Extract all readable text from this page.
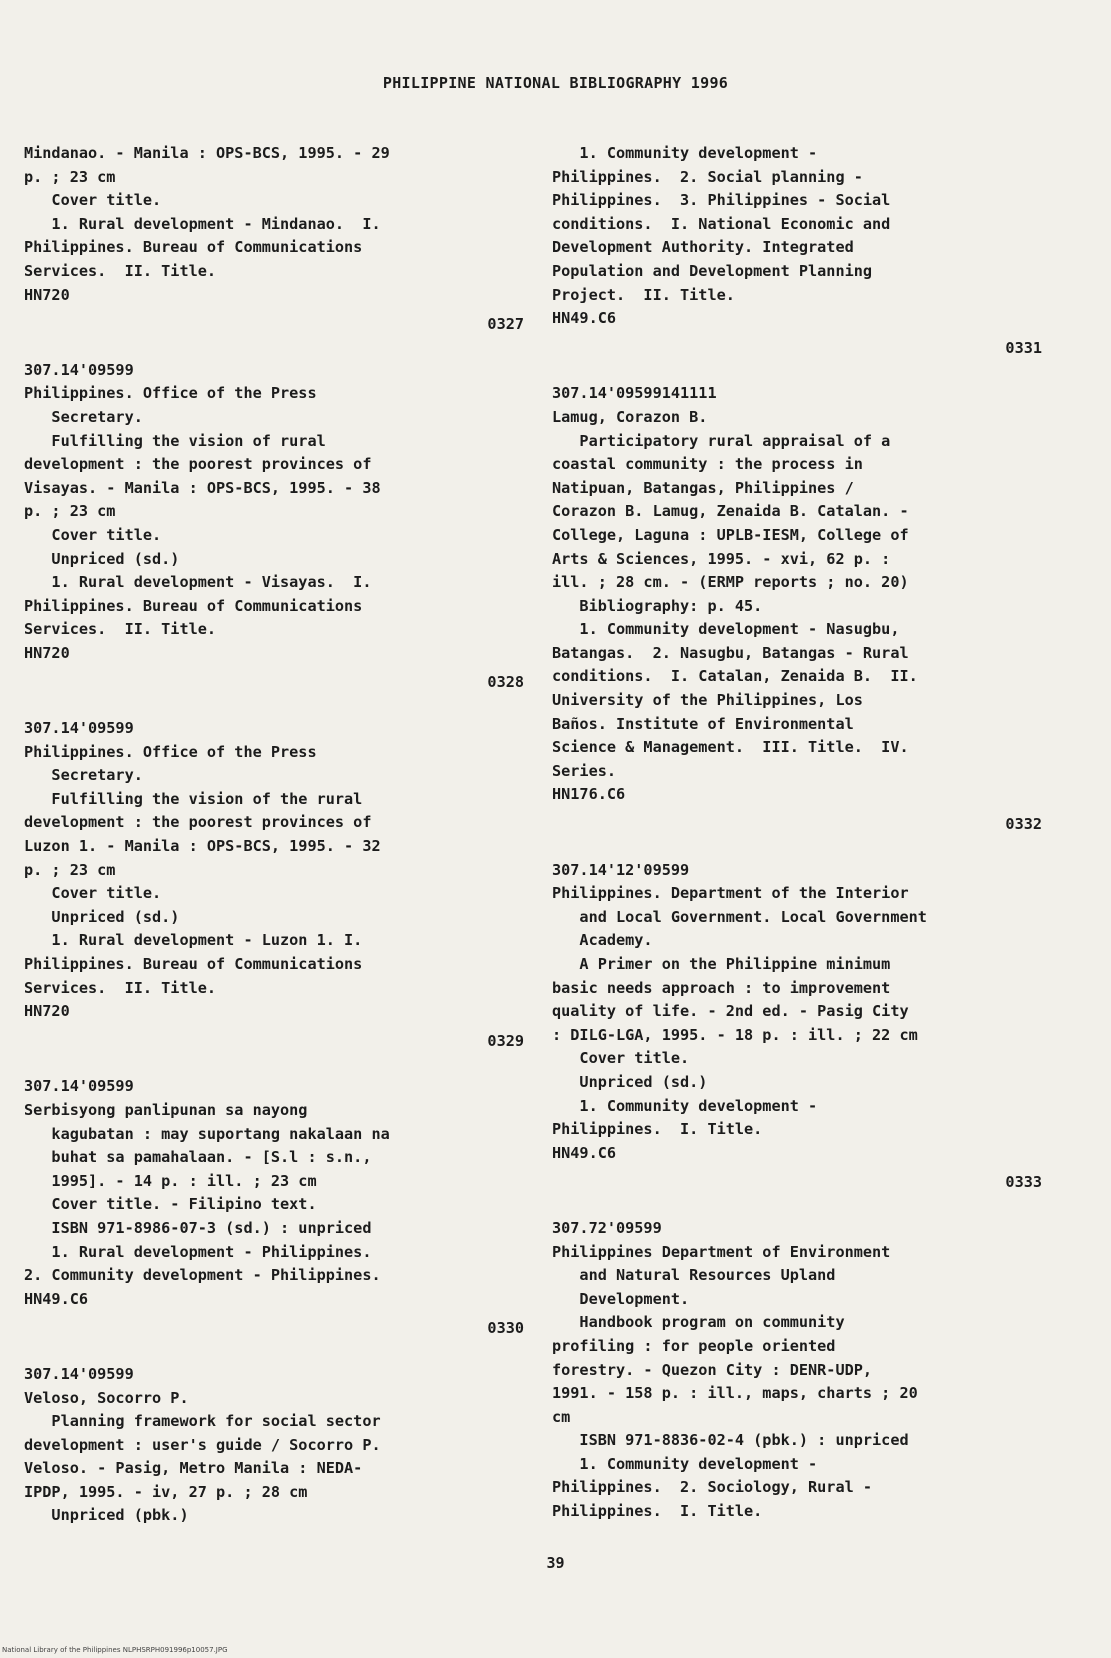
PHILIPPINE NATIONAL BIBLIOGRAPHY 1996
Mindanao. - Manila : OPS-BCS, 1995. - 29
p. ; 23 cm
Cover title.
1. Rural development - Mindanao.  I.
Philippines. Bureau of Communications
Services.  II. Title.
HN720
0327
307.14'09599
Philippines. Office of the Press
Secretary.
Fulfilling the vision of rural
development : the poorest provinces of
Visayas. - Manila : OPS-BCS, 1995. - 38
p. ; 23 cm
Cover title.
Unpriced (sd.)
1. Rural development - Visayas.  I.
Philippines. Bureau of Communications
Services.  II. Title.
HN720
0328
307.14'09599
Philippines. Office of the Press
Secretary.
Fulfilling the vision of the rural
development : the poorest provinces of
Luzon 1. - Manila : OPS-BCS, 1995. - 32
p. ; 23 cm
Cover title.
Unpriced (sd.)
1. Rural development - Luzon 1. I.
Philippines. Bureau of Communications
Services.  II. Title.
HN720
0329
307.14'09599
Serbisyong panlipunan sa nayong
kagubatan : may suportang nakalaan na
buhat sa pamahalaan. - [S.l : s.n.,
1995]. - 14 p. : ill. ; 23 cm
Cover title. - Filipino text.
ISBN 971-8986-07-3 (sd.) : unpriced
1. Rural development - Philippines.
2. Community development - Philippines.
HN49.C6
0330
307.14'09599
Veloso, Socorro P.
Planning framework for social sector
development : user's guide / Socorro P.
Veloso. - Pasig, Metro Manila : NEDA-
IPDP, 1995. - iv, 27 p. ; 28 cm
Unpriced (pbk.)
1. Community development -
Philippines.  2. Social planning -
Philippines.  3. Philippines - Social
conditions.  I. National Economic and
Development Authority. Integrated
Population and Development Planning
Project.  II. Title.
HN49.C6
0331
307.14'09599141111
Lamug, Corazon B.
Participatory rural appraisal of a
coastal community : the process in
Natipuan, Batangas, Philippines /
Corazon B. Lamug, Zenaida B. Catalan. -
College, Laguna : UPLB-IESM, College of
Arts & Sciences, 1995. - xvi, 62 p. :
ill. ; 28 cm. - (ERMP reports ; no. 20)
Bibliography: p. 45.
1. Community development - Nasugbu,
Batangas.  2. Nasugbu, Batangas - Rural
conditions.  I. Catalan, Zenaida B.  II.
University of the Philippines, Los
Baños. Institute of Environmental
Science & Management.  III. Title.  IV.
Series.
HN176.C6
0332
307.14'12'09599
Philippines. Department of the Interior
and Local Government. Local Government
Academy.
A Primer on the Philippine minimum
basic needs approach : to improvement
quality of life. - 2nd ed. - Pasig City
: DILG-LGA, 1995. - 18 p. : ill. ; 22 cm
Cover title.
Unpriced (sd.)
1. Community development -
Philippines.  I. Title.
HN49.C6
0333
307.72'09599
Philippines Department of Environment
and Natural Resources Upland
Development.
Handbook program on community
profiling : for people oriented
forestry. - Quezon City : DENR-UDP,
1991. - 158 p. : ill., maps, charts ; 20
cm
ISBN 971-8836-02-4 (pbk.) : unpriced
1. Community development -
Philippines.  2. Sociology, Rural -
Philippines.  I. Title.
39
National Library of the Philippines NLPHSRPH091996p10057.JPG
